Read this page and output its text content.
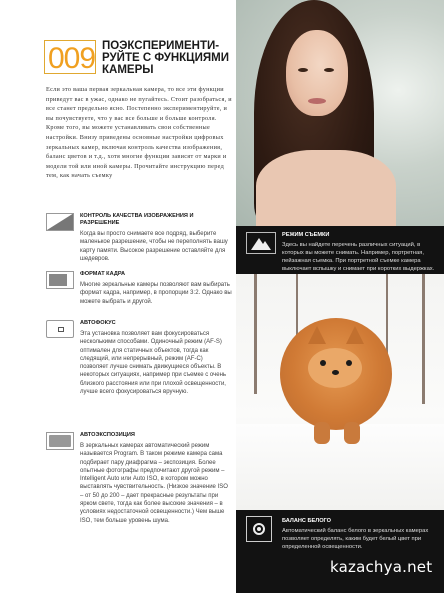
009 ПОЭКСПЕРИМЕНТИ-РУЙТЕ С ФУНКЦИЯМИ КАМЕРЫ
Если это ваша первая зеркальная камера, то все эти функции приведут вас в ужас, однако не пугайтесь. Стоит разобраться, и все станет предельно ясно. Постепенно экспериментируйте, и вы почувствуете, что у вас все больше и больше контроля. Кроме того, вы можете устанавливать свои собственные настройки. Внизу приведены основные настройки цифровых зеркальных камер, включая контроль качества изображения, баланс цветов и т.д., хотя многие функции зависят от марки и модели той или иной камеры. Прочитайте инструкцию перед тем, как начать съемку
КОНТРОЛЬ КАЧЕСТВА ИЗОБРАЖЕНИЯ И РАЗРЕШЕНИЕ
Когда вы просто снимаете все подряд, выберите маленькое разрешение, чтобы не переполнять вашу карту памяти. Высокое разрешение оставляйте для шедевров.
ФОРМАТ КАДРА
Многие зеркальные камеры позволяют вам выбирать формат кадра, например, в пропорции 3:2. Однако вы можете выбрать и другой.
АВТОФОКУС
Эта установка позволяет вам фокусироваться несколькими способами. Одиночный режим (AF-S) оптимален для статичных объектов, тогда как следящий, или непрерывный, режим (AF-C) позволяет лучше снимать движущиеся объекты. В некоторых ситуациях, например при съемке с очень близкого расстояния или при плохой освещенности, лучше всего фокусироваться вручную.
АВТОЭКСПОЗИЦИЯ
В зеркальных камерах автоматический режим называется Program. В таком режиме камера сама подбирает пару диафрагма – экспозиция. Более опытные фотографы предпочитают другой режим – Intelligent Auto или Auto ISO, в котором можно выставлять чувствительность. (Низкое значение ISO – от 50 до 200 – дает прекрасные результаты при ярком свете, тогда как более высокие значения – в условиях недостаточной освещенности.) Чем выше ISO, тем больше уровень шума.
РЕЖИМ СЪЕМКИ
Здесь вы найдете перечень различных ситуаций, в которых вы можете снимать. Например, портретная, пейзажная съемка. При портретной съемке камера выключает вспышку и снимает при коротких выдержках.
БАЛАНС БЕЛОГО
Автоматический баланс белого в зеркальных камерах позволяет определять, каким будет белый цвет при определенной освещенности.
kazachya.net
